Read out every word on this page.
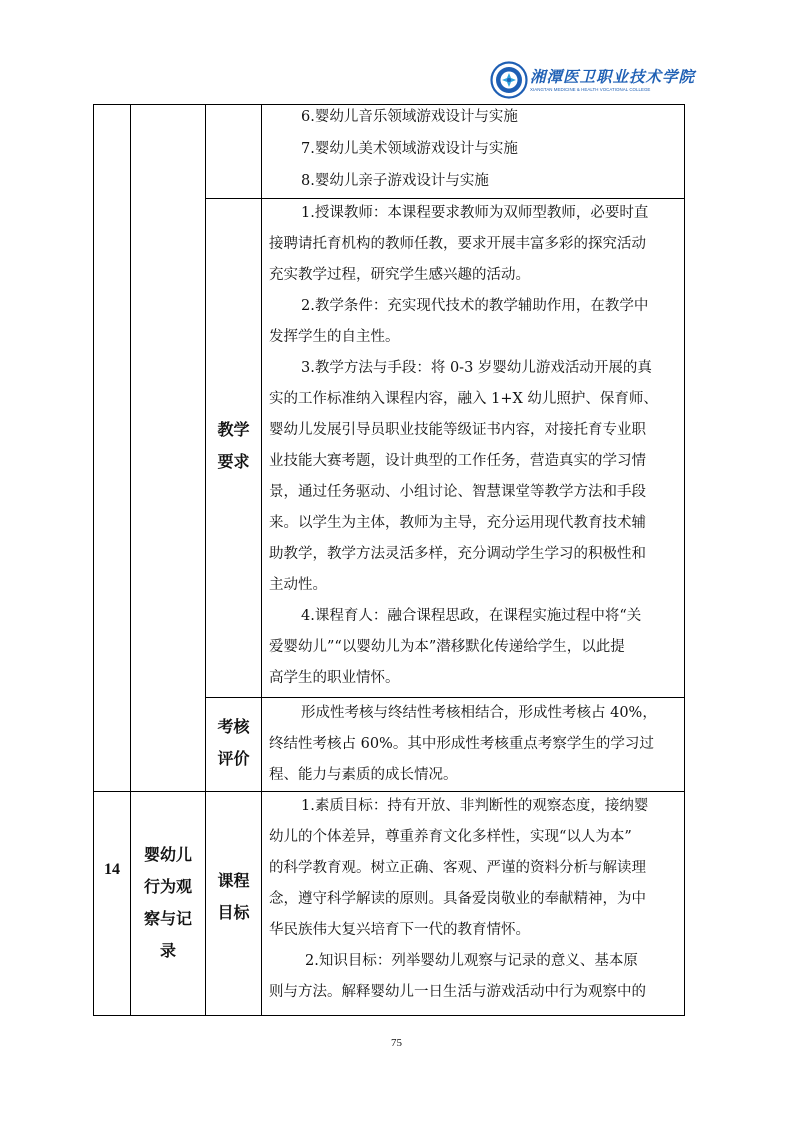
湘潭医卫职业技术学院
XIANGTAN MEDICINE & HEALTH VOCATIONAL COLLEGE
6.婴幼儿音乐领域游戏设计与实施
7.婴幼儿美术领域游戏设计与实施
8.婴幼儿亲子游戏设计与实施
教学
要求
1.授课教师：本课程要求教师为双师型教师，必要时直
接聘请托育机构的教师任教，要求开展丰富多彩的探究活动
充实教学过程，研究学生感兴趣的活动。
2.教学条件：充实现代技术的教学辅助作用，在教学中
发挥学生的自主性。
3.教学方法与手段：将 0-3 岁婴幼儿游戏活动开展的真
实的工作标准纳入课程内容，融入 1+X 幼儿照护、保育师、
婴幼儿发展引导员职业技能等级证书内容，对接托育专业职
业技能大赛考题，设计典型的工作任务，营造真实的学习情
景，通过任务驱动、小组讨论、智慧课堂等教学方法和手段
来。以学生为主体，教师为主导，充分运用现代教育技术辅
助教学，教学方法灵活多样，充分调动学生学习的积极性和
主动性。
4.课程育人：融合课程思政，在课程实施过程中将“关
爱婴幼儿”“以婴幼儿为本”潜移默化传递给学生，以此提
高学生的职业情怀。
考核
评价
形成性考核与终结性考核相结合，形成性考核占 40%，
终结性考核占 60%。其中形成性考核重点考察学生的学习过
程、能力与素质的成长情况。
14
婴幼儿
行为观
察与记
录
课程
目标
1.素质目标：持有开放、非判断性的观察态度，接纳婴
幼儿的个体差异，尊重养育文化多样性，实现“以人为本”
的科学教育观。树立正确、客观、严谨的资料分析与解读理
念，遵守科学解读的原则。具备爱岗敬业的奉献精神，为中
华民族伟大复兴培育下一代的教育情怀。
2.知识目标：列举婴幼儿观察与记录的意义、基本原
则与方法。解释婴幼儿一日生活与游戏活动中行为观察中的
75
